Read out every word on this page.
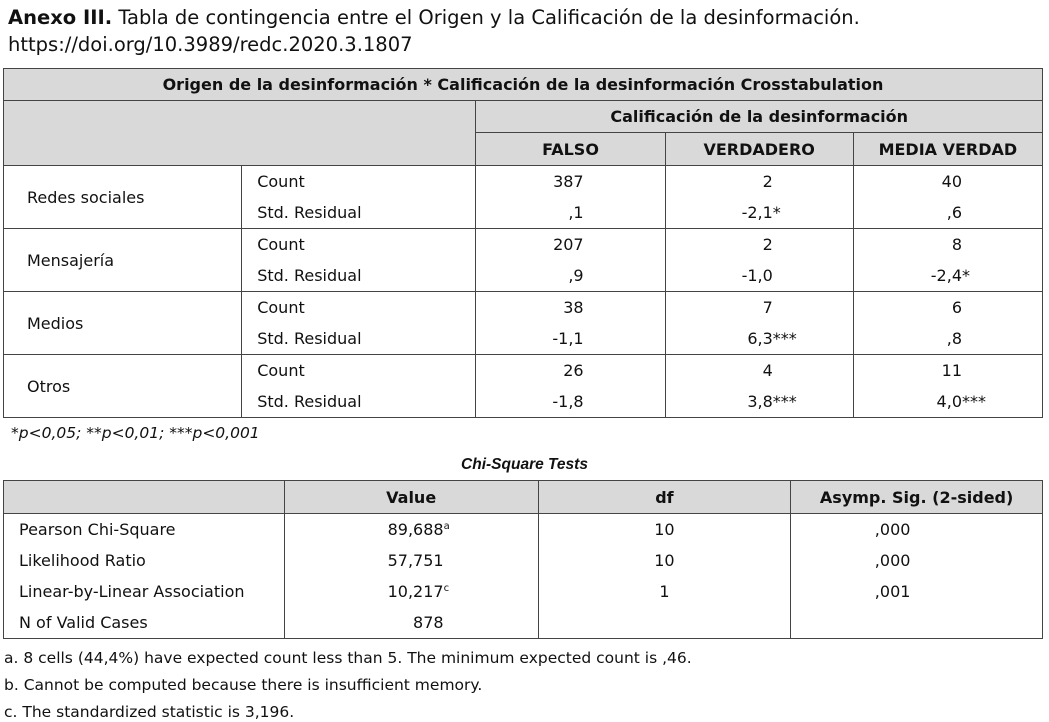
Anexo III. Tabla de contingencia entre el Origen y la Calificación de la desinformación.
https://doi.org/10.3989/redc.2020.3.1807
Origen de la desinformación * Calificación de la desinformación Crosstabulation				
		Calificación de la desinformación		
		FALSO	VERDADERO	MEDIA VERDAD
Redes sociales	Count	387	2	40
	Std. Residual	,1	-2,1*	,6
Mensajería	Count	207	2	8
	Std. Residual	,9	-1,0	-2,4*
Medios	Count	38	7	6
	Std. Residual	-1,1	6,3***	,8
Otros	Count	26	4	11
	Std. Residual	-1,8	3,8***	4,0***
*p<0,05; **p<0,01; ***p<0,001
Chi-Square Tests
	Value	df	Asymp. Sig. (2-sided)
Pearson Chi-Square	89,688a	10	,000
Likelihood Ratio	57,751	10	,000
Linear-by-Linear Association	10,217c	1	,001
N of Valid Cases	878		
a. 8 cells (44,4%) have expected count less than 5. The minimum expected count is ,46.
b. Cannot be computed because there is insufficient memory.
c. The standardized statistic is 3,196.
